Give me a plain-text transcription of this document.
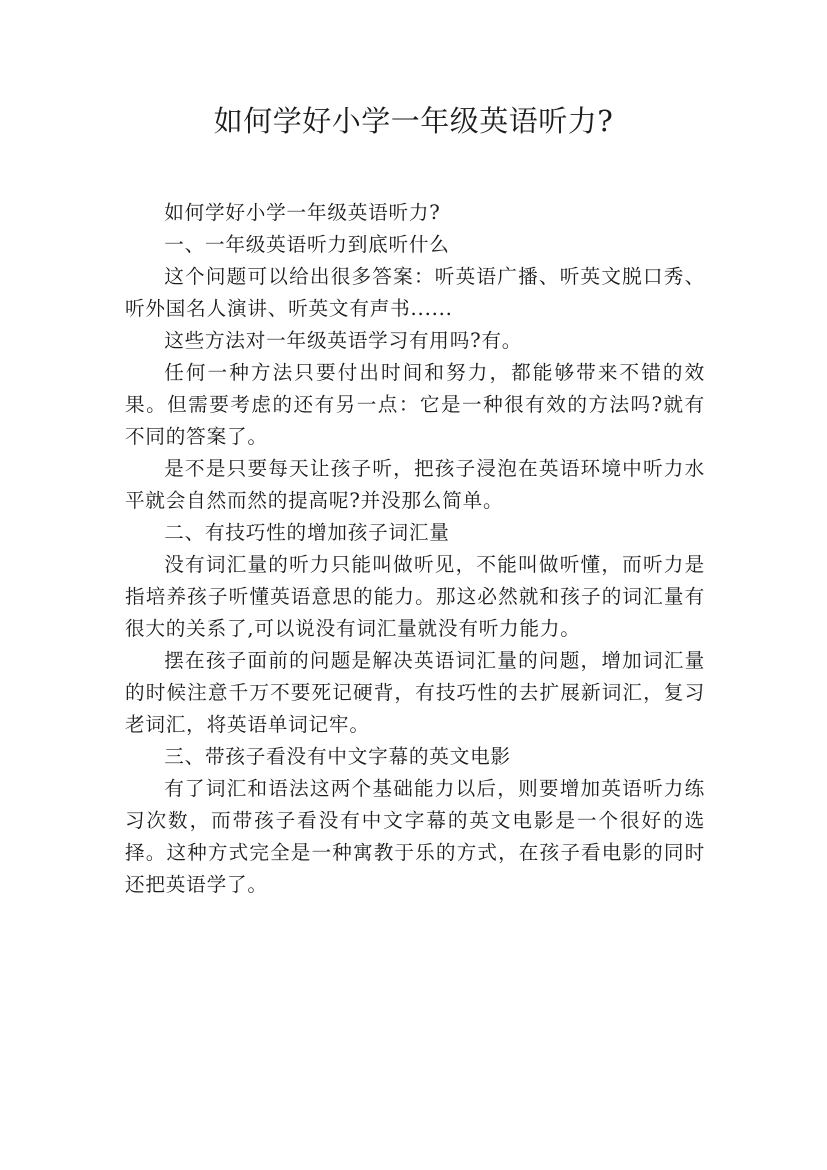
如何学好小学一年级英语听力?

如何学好小学一年级英语听力?

一、一年级英语听力到底听什么

这个问题可以给出很多答案：听英语广播、听英文脱口秀、听外国名人演讲、听英文有声书......

这些方法对一年级英语学习有用吗?有。

任何一种方法只要付出时间和努力，都能够带来不错的效果。但需要考虑的还有另一点：它是一种很有效的方法吗?就有不同的答案了。

是不是只要每天让孩子听，把孩子浸泡在英语环境中听力水平就会自然而然的提高呢?并没那么简单。

二、有技巧性的增加孩子词汇量

没有词汇量的听力只能叫做听见，不能叫做听懂，而听力是指培养孩子听懂英语意思的能力。那这必然就和孩子的词汇量有很大的关系了,可以说没有词汇量就没有听力能力。

摆在孩子面前的问题是解决英语词汇量的问题，增加词汇量的时候注意千万不要死记硬背，有技巧性的去扩展新词汇，复习老词汇，将英语单词记牢。

三、带孩子看没有中文字幕的英文电影

有了词汇和语法这两个基础能力以后，则要增加英语听力练习次数，而带孩子看没有中文字幕的英文电影是一个很好的选择。这种方式完全是一种寓教于乐的方式，在孩子看电影的同时还把英语学了。
